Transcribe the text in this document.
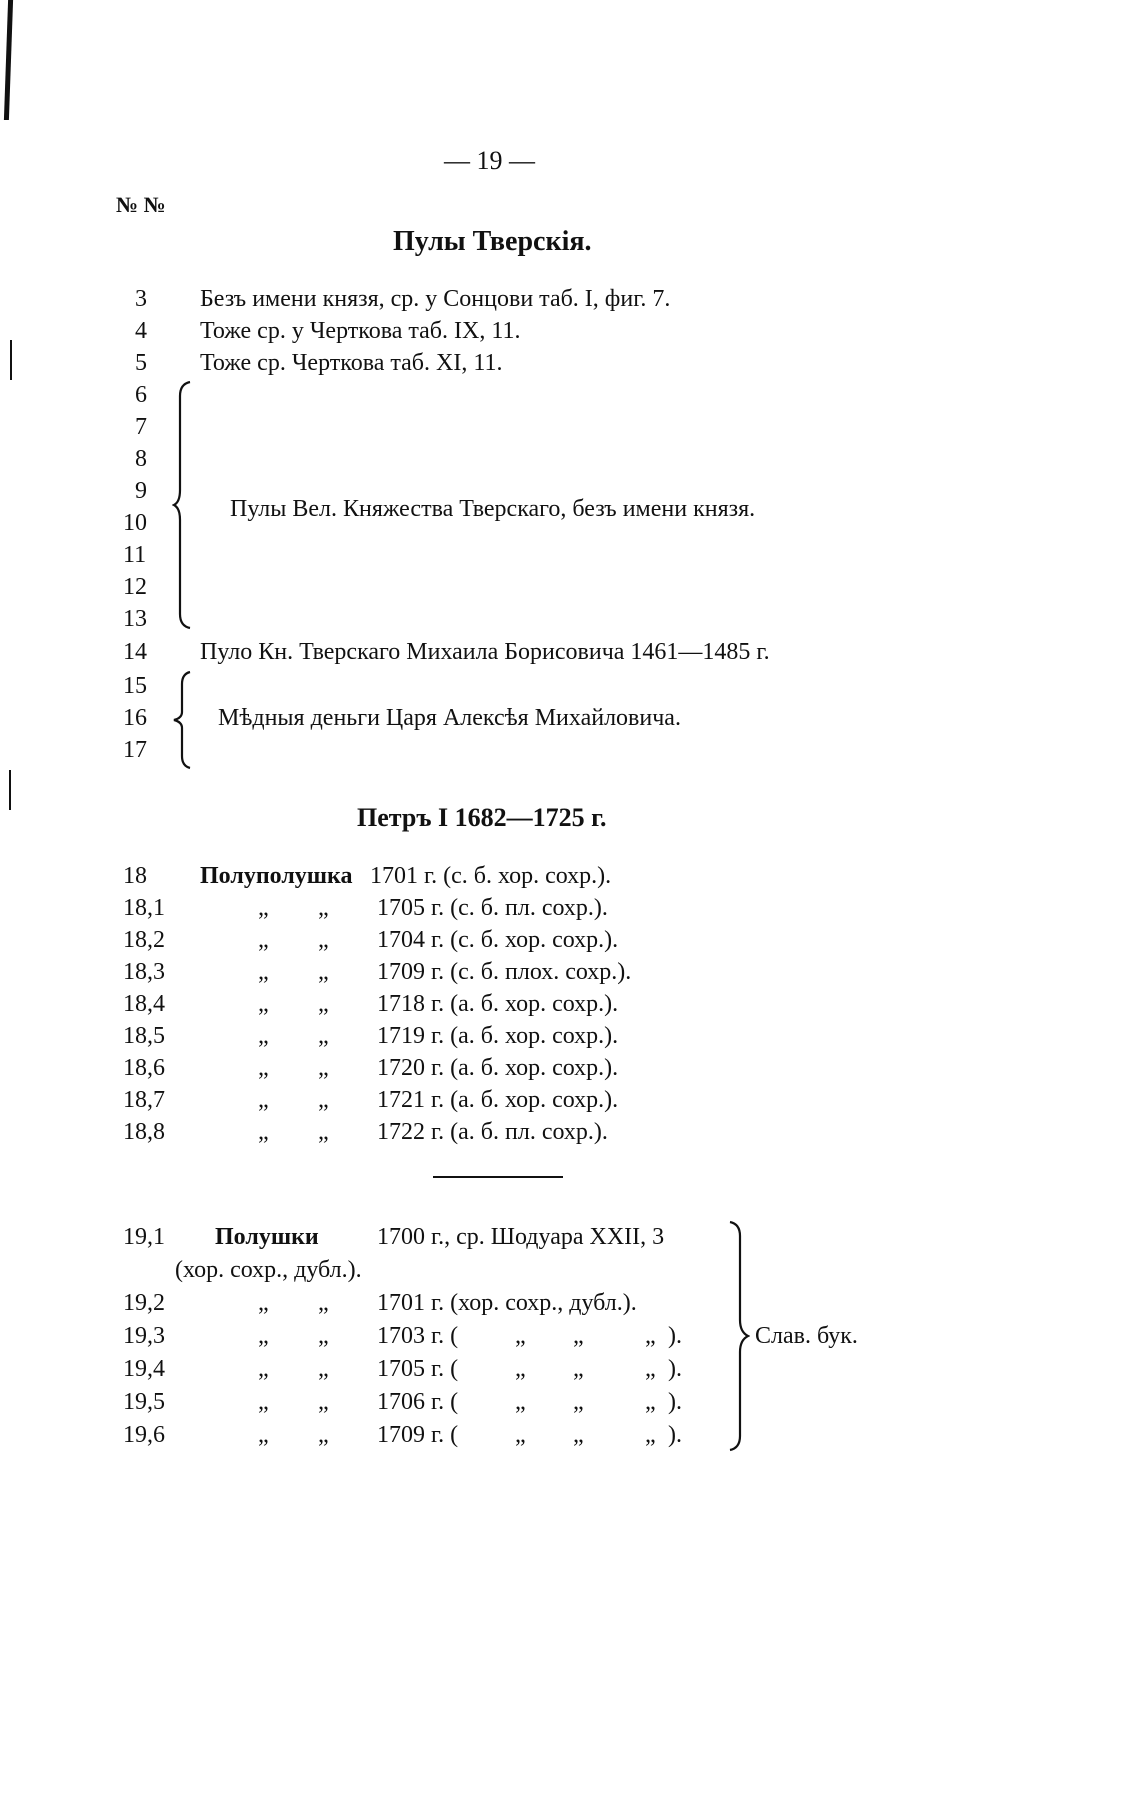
— 19 —
№ №
Пулы Тверскія.
3 Безъ имени князя, ср. у Сонцови таб. I, фиг. 7.
4 Тоже ср. у Черткова таб. IX, 11.
5 Тоже ср. Черткова таб. XI, 11.
6
7
8
9
10
11
12
13
Пулы Вел. Княжества Тверскаго, безъ имени князя.
14 Пуло Кн. Тверскаго Михаила Борисовича 1461—1485 г.
15
16
17
Мѣдныя деньги Царя Алексѣя Михайловича.
Петръ I 1682—1725 г.
18 Полуполушка 1701 г. (с. б. хор. сохр.).
18,1	„ „ 1705 г. (с. б. пл. сохр.).
18,2	„ „ 1704 г. (с. б. хор. сохр.).
18,3	„ „ 1709 г. (с. б. плох. сохр.).
18,4	„ „ 1718 г. (а. б. хор. сохр.).
18,5	„ „ 1719 г. (а. б. хор. сохр.).
18,6	„ „ 1720 г. (а. б. хор. сохр.).
18,7	„ „ 1721 г. (а. б. хор. сохр.).
18,8	„ „ 1722 г. (а. б. пл. сохр.).
19,1 Полушки 1700 г., ср. Шодуара XXII, 3
(хор. сохр., дубл.).
19,2	„ „ 1701 г. (хор. сохр., дубл.).
19,3	„ „ 1703 г. ( „ „	„ ).
19,4	„ „ 1705 г. ( „ „	„ ).
19,5	„ „ 1706 г. ( „ „	„ ).
19,6	„ „ 1709 г. ( „ „	„ ).
Слав. бук.
